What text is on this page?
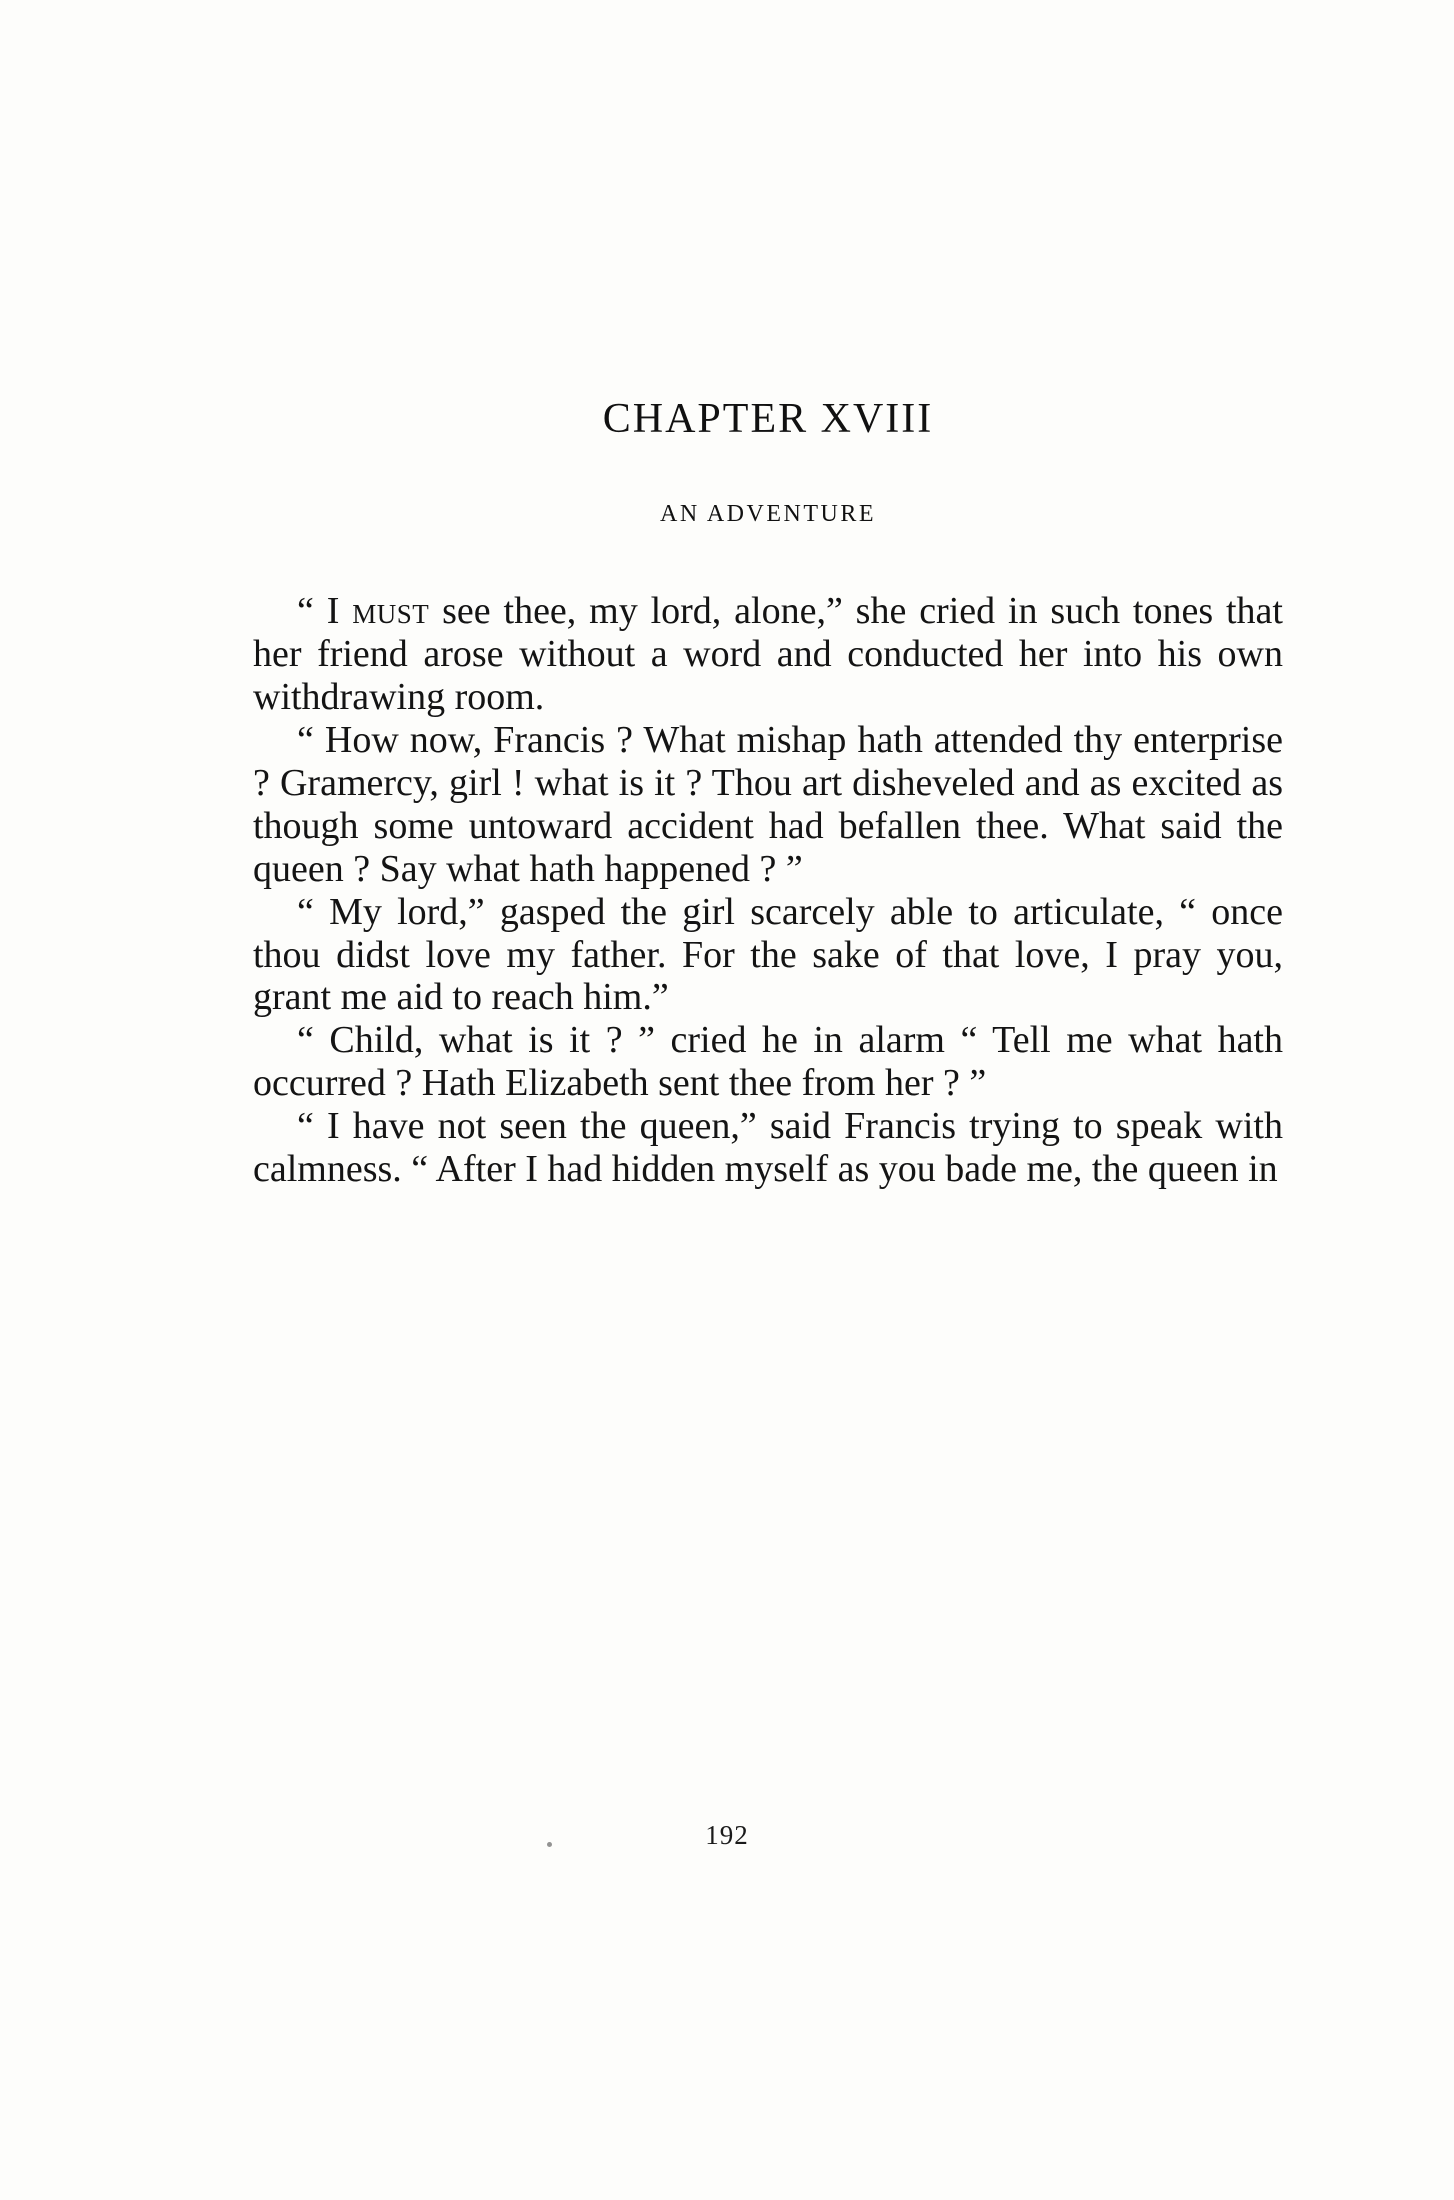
CHAPTER XVIII
AN ADVENTURE

“ I must see thee, my lord, alone,” she cried in such tones that her friend arose without a word and conducted her into his own withdrawing room.

“ How now, Francis ? What mishap hath attended thy enterprise ? Gramercy, girl ! what is it ? Thou art disheveled and as excited as though some untoward accident had befallen thee. What said the queen ? Say what hath happened ? ”

“ My lord,” gasped the girl scarcely able to articulate, “ once thou didst love my father. For the sake of that love, I pray you, grant me aid to reach him.”

“ Child, what is it ? ” cried he in alarm “ Tell me what hath occurred ? Hath Elizabeth sent thee from her ? ”

“ I have not seen the queen,” said Francis trying to speak with calmness. “ After I had hidden myself as you bade me, the queen in

192
